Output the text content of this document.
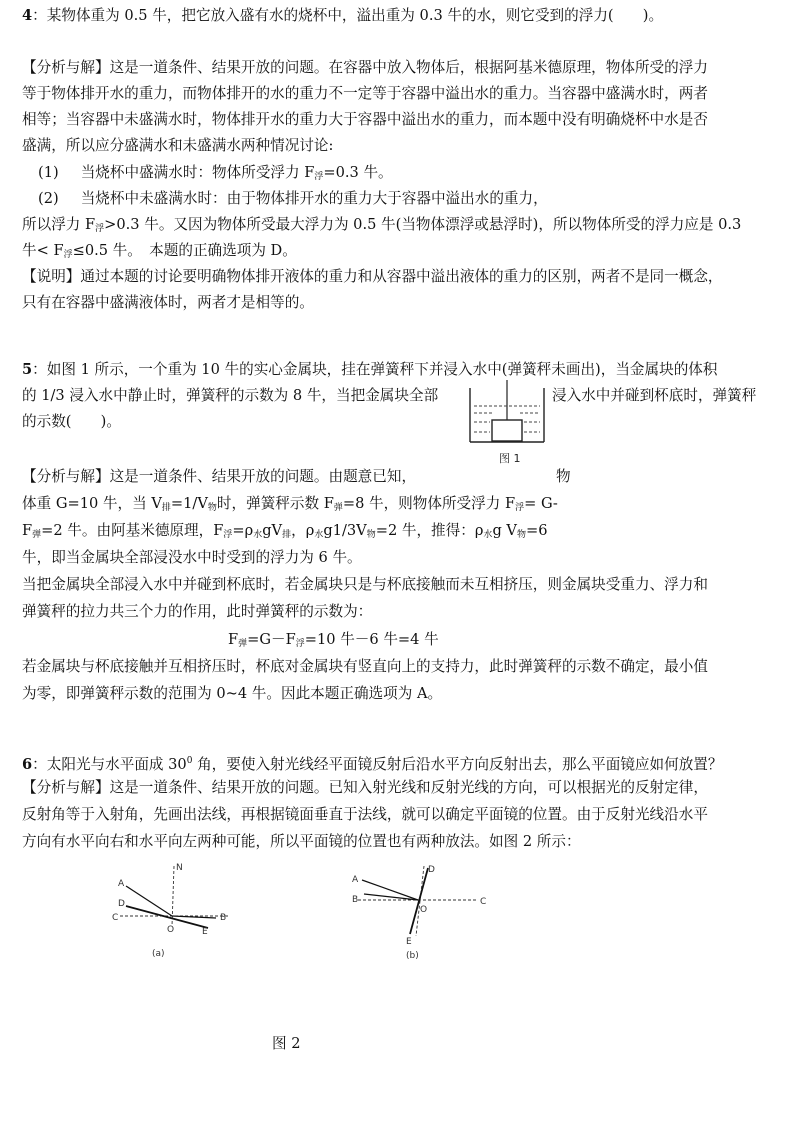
4：某物体重为 0.5 牛，把它放入盛有水的烧杯中，溢出重为 0.3 牛的水，则它受到的浮力(　　)。
【分析与解】这是一道条件、结果开放的问题。在容器中放入物体后，根据阿基米德原理，物体所受的浮力
等于物体排开水的重力，而物体排开的水的重力不一定等于容器中溢出水的重力。当容器中盛满水时，两者
相等；当容器中未盛满水时，物体排开水的重力大于容器中溢出水的重力，而本题中没有明确烧杯中水是否
盛满，所以应分盛满水和未盛满水两种情况讨论:
(1) 当烧杯中盛满水时：物体所受浮力 $F_浮=0.3$ 牛。
(2) 当烧杯中未盛满水时：由于物体排开水的重力大于容器中溢出水的重力，
所以浮力 $F_浮>0.3$ 牛。又因为物体所受最大浮力为 0.5 牛(当物体漂浮或悬浮时)，所以物体所受的浮力应是 0.3
牛< $F_浮\le 0.5$ 牛。　本题的正确选项为 D。
【说明】通过本题的讨论要明确物体排开液体的重力和从容器中溢出液体的重力的区别，两者不是同一概念，
只有在容器中盛满液体时，两者才是相等的。
5：如图 1 所示，一个重为 10 牛的实心金属块，挂在弹簧秤下并浸入水中(弹簧秤未画出)，当金属块的体积
的 1/3 浸入水中静止时，弹簧秤的示数为 8 牛，当把金属块全部	浸入水中并碰到杯底时，弹簧秤
的示数(　　)。
图 1
【分析与解】这是一道条件、结果开放的问题。由题意已知，	物
体重 G=10 牛，当 $V_排=1/V_物$时，弹簧秤示数 $F_弹=8$ 牛，则物体所受浮力 $F_浮= G-$
$F_弹=2$ 牛。由阿基米德原理，$F_浮=\rho_水gV_排$，$\rho_水g1/3V_物=2$ 牛，推得：$\rho_水g$ $V_物=6$
牛，即当金属块全部浸没水中时受到的浮力为 6 牛。
当把金属块全部浸入水中并碰到杯底时，若金属块只是与杯底接触而未互相挤压，则金属块受重力、浮力和
弹簧秤的拉力共三个力的作用，此时弹簧秤的示数为：
$F_弹=G-F_浮=10$ 牛－6 牛=4 牛
若金属块与杯底接触并互相挤压时，杯底对金属块有竖直向上的支持力，此时弹簧秤的示数不确定，最小值
为零，即弹簧秤示数的范围为 0~4 牛。因此本题正确选项为 A。
6：太阳光与水平面成 $30^0$ 角，要使入射光线经平面镜反射后沿水平方向反射出去，那么平面镜应如何放置？
【分析与解】这是一道条件、结果开放的问题。已知入射光线和反射光线的方向，可以根据光的反射定律，
反射角等于入射角，先画出法线，再根据镜面垂直于法线，就可以确定平面镜的位置。由于反射光线沿水平
方向有水平向右和水平向左两种可能，所以平面镜的位置也有两种放法。如图 2 所示：
N
A
D
C
O	E
B
(a)
图 2
D
A
B
O
C
E
(b)
